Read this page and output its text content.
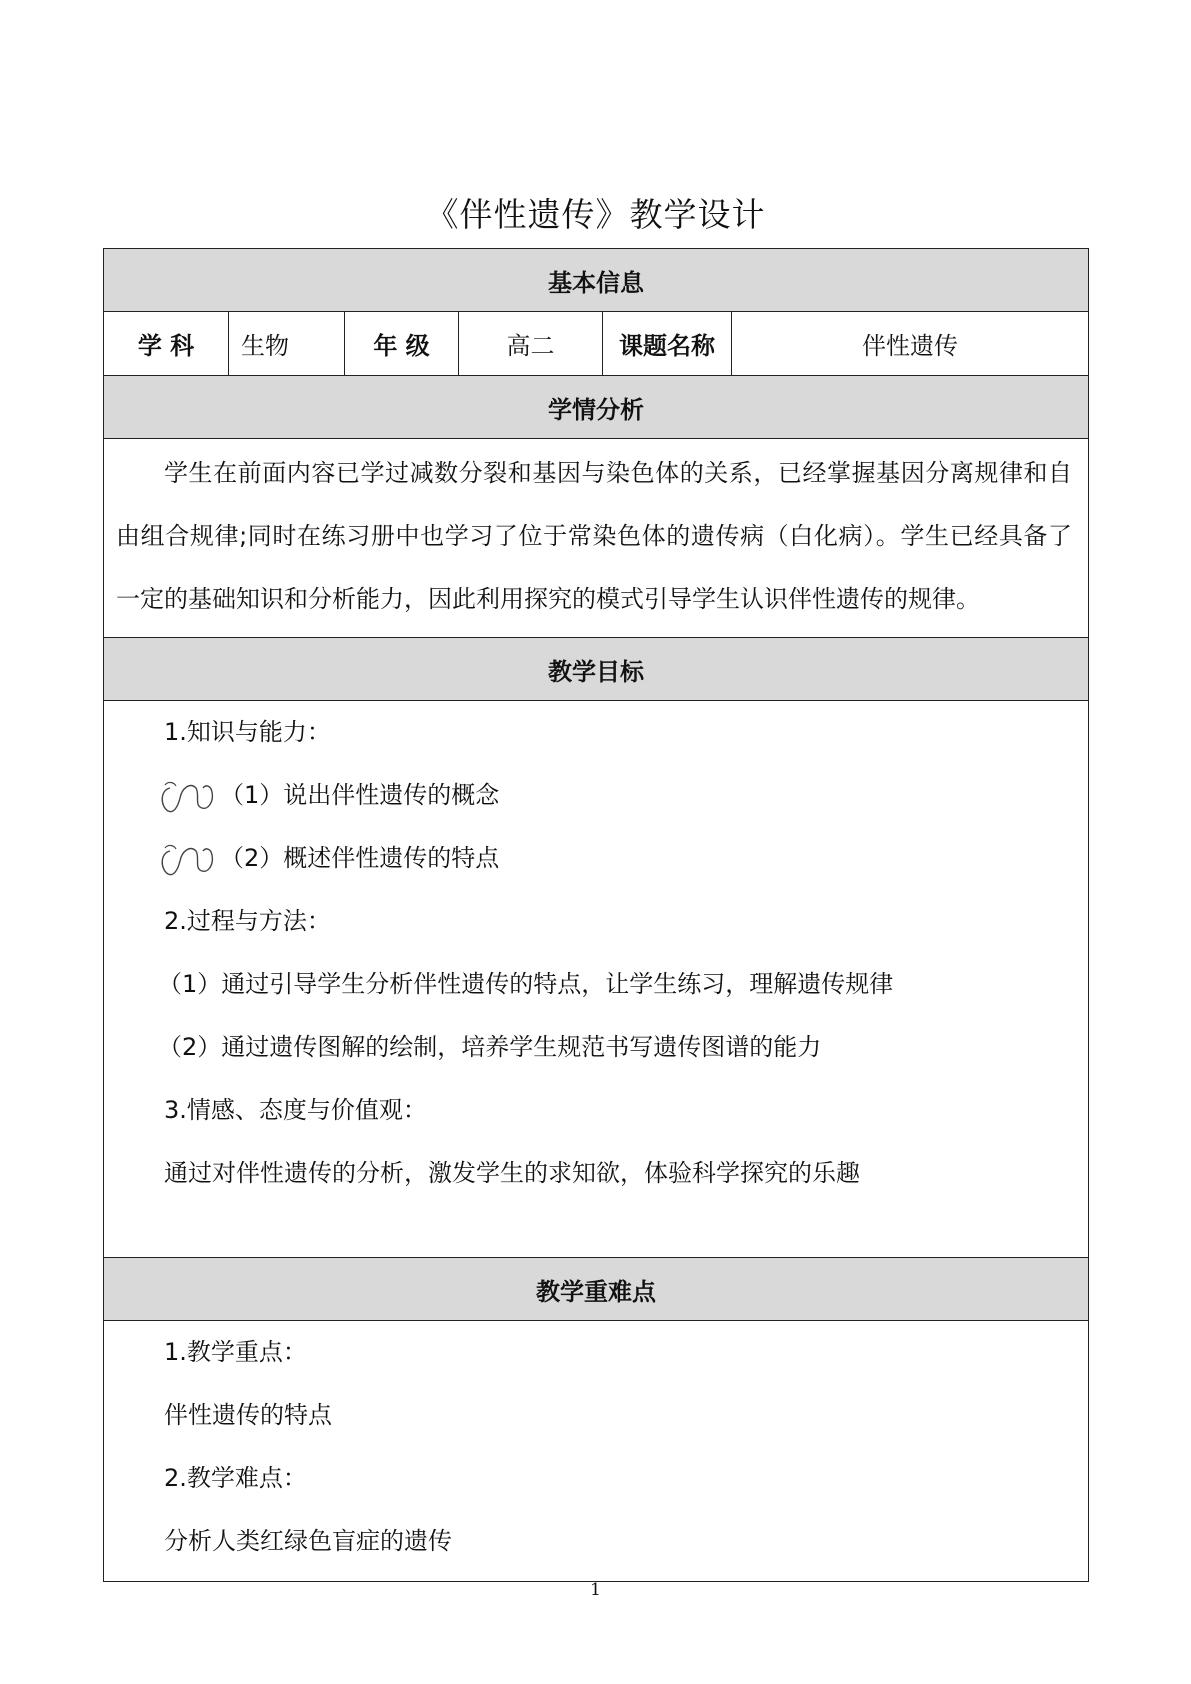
《伴性遗传》教学设计
基本信息
学 科	生物	年 级	高二	课题名称	伴性遗传
学情分析

学生在前面内容已学过减数分裂和基因与染色体的关系，已经掌握基因分离规律和自由组合规律;同时在练习册中也学习了位于常染色体的遗传病（白化病）。学生已经具备了一定的基础知识和分析能力，因此利用探究的模式引导学生认识伴性遗传的规律。

教学目标

1.知识与能力：
（1）说出伴性遗传的概念
（2）概述伴性遗传的特点
2.过程与方法：
（1）通过引导学生分析伴性遗传的特点，让学生练习，理解遗传规律
（2）通过遗传图解的绘制，培养学生规范书写遗传图谱的能力
3.情感、态度与价值观：
通过对伴性遗传的分析，激发学生的求知欲，体验科学探究的乐趣

教学重难点

1.教学重点：
伴性遗传的特点
2.教学难点：
分析人类红绿色盲症的遗传
1
